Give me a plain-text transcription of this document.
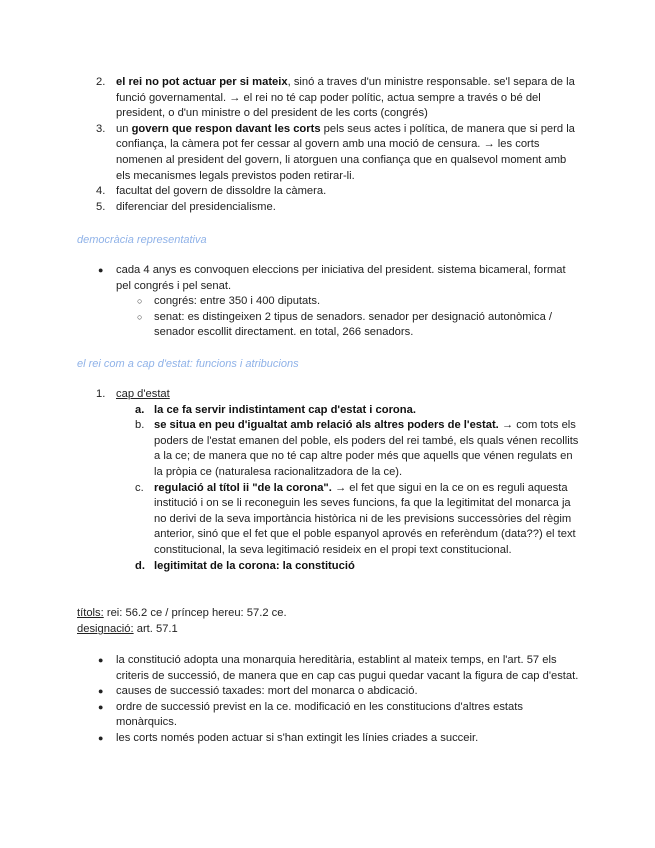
2. el rei no pot actuar per si mateix, sinó a traves d'un ministre responsable. se'l separa de la funció governamental. → el rei no té cap poder polític, actua sempre a través o bé del president, o d'un ministre o del president de les corts (congrés)
3. un govern que respon davant les corts pels seus actes i política, de manera que si perd la confiança, la càmera pot fer cessar al govern amb una moció de censura. → les corts nomenen al president del govern, li atorguen una confiança que en qualsevol moment amb els mecanismes legals previstos poden retirar-li.
4. facultat del govern de dissoldre la càmera.
5. diferenciar del presidencialisme.
democràcia representativa
● cada 4 anys es convoquen eleccions per iniciativa del president. sistema bicameral, format pel congrés i pel senat.
○ congrés: entre 350 i 400 diputats.
○ senat: es distingeixen 2 tipus de senadors. senador per designació autonòmica / senador escollit directament. en total, 266 senadors.
el rei com a cap d'estat: funcions i atribucions
1. cap d'estat
a. la ce fa servir indistintament cap d'estat i corona.
b. se situa en peu d'igualtat amb relació als altres poders de l'estat. → com tots els poders de l'estat emanen del poble, els poders del rei també, els quals vénen recollits a la ce; de manera que no té cap altre poder més que aquells que vénen regulats en la pròpia ce (naturalesa racionalitzadora de la ce).
c. regulació al títol ii "de la corona". → el fet que sigui en la ce on es reguli aquesta institució i on se li reconeguin les seves funcions, fa que la legitimitat del monarca ja no derivi de la seva importància històrica ni de les previsions successòries del règim anterior, sinó que el fet que el poble espanyol aprovés en referèndum (data??) el text constitucional, la seva legitimació resideix en el propi text constitucional.
d. legitimitat de la corona: la constitució
títols: rei: 56.2 ce / príncep hereu: 57.2 ce.
designació: art. 57.1
● la constitució adopta una monarquia hereditària, establint al mateix temps, en l'art. 57 els criteris de successió, de manera que en cap cas pugui quedar vacant la figura de cap d'estat.
● causes de successió taxades: mort del monarca o abdicació.
● ordre de successió previst en la ce. modificació en les constitucions d'altres estats monàrquics.
● les corts només poden actuar si s'han extingit les línies criades a succeir.
